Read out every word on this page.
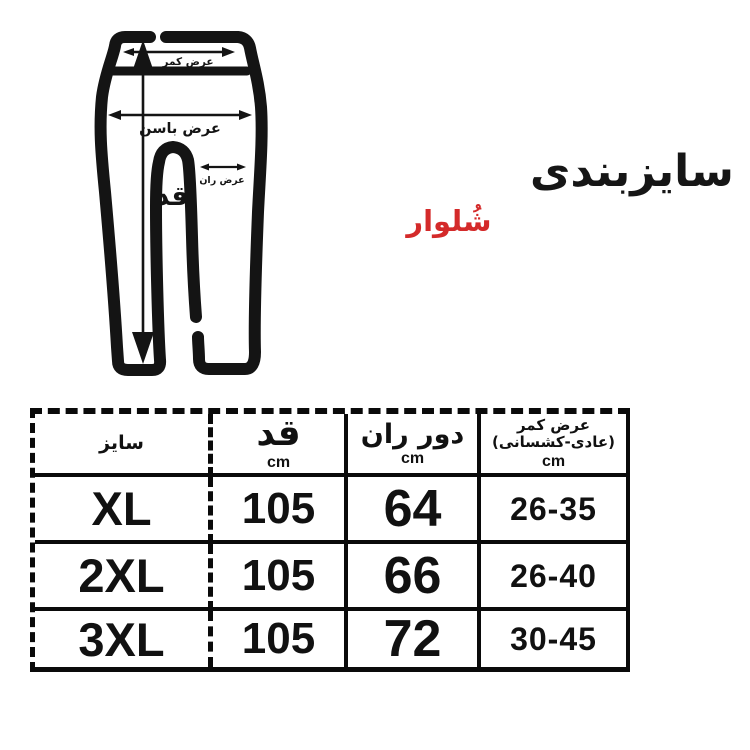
عرض کمر
عرض باسن
عرض ران
قد	سایزبندی
شُلوار
سایز	قد
cm
دور ران
cm
عرض کمر
(عادی-کشسانی)
cm
XL 105 64 26-35
2XL 105 66 26-40
3XL 105 72 30-45
